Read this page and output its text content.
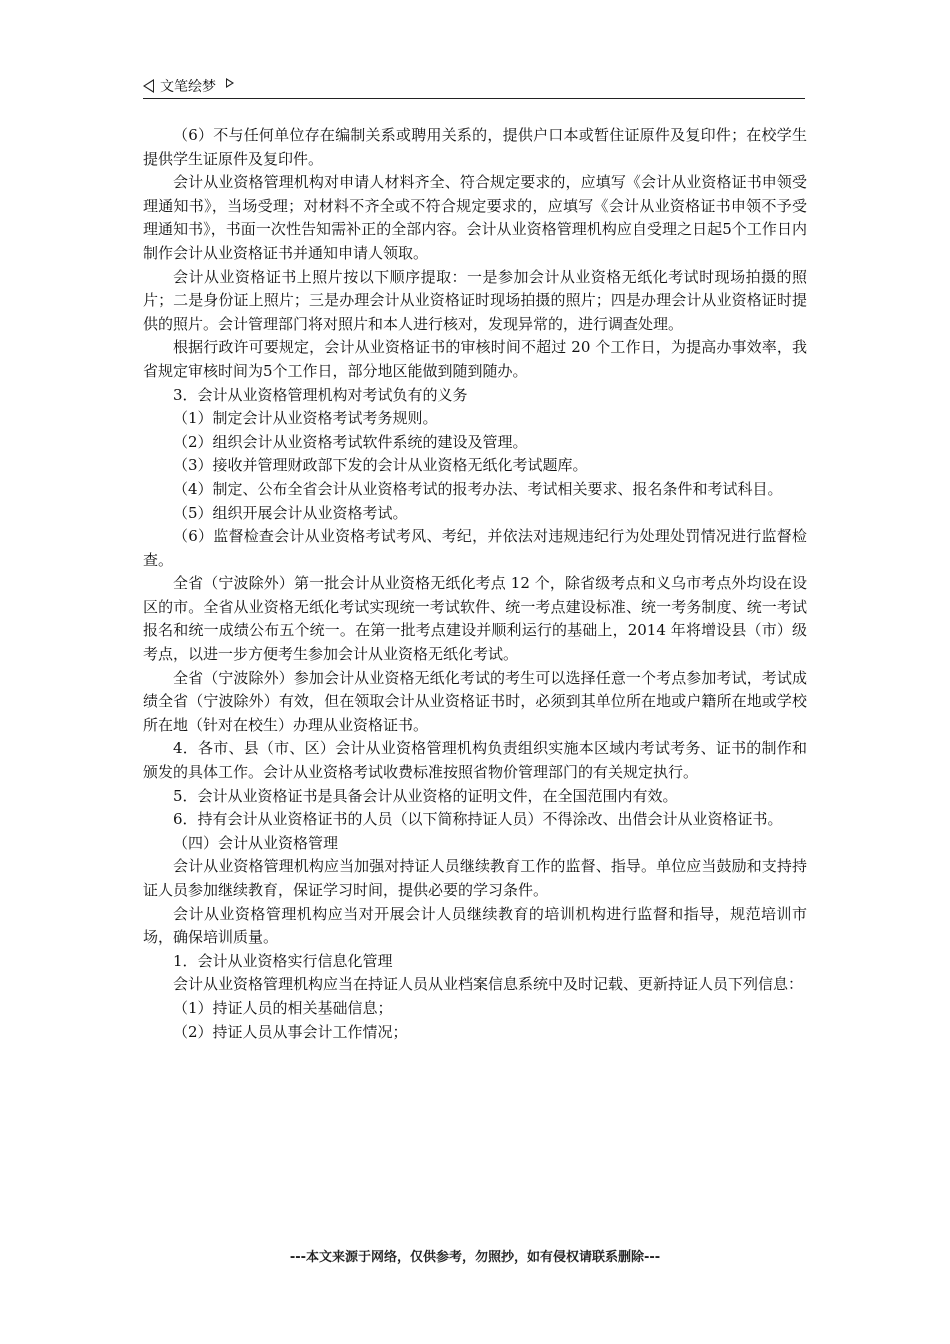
文笔绘梦

（6）不与任何单位存在编制关系或聘用关系的，提供户口本或暂住证原件及复印件；在校学生提供学生证原件及复印件。

会计从业资格管理机构对申请人材料齐全、符合规定要求的，应填写《会计从业资格证书申领受理通知书》，当场受理；对材料不齐全或不符合规定要求的，应填写《会计从业资格证书申领不予受理通知书》，书面一次性告知需补正的全部内容。会计从业资格管理机构应自受理之日起5个工作日内制作会计从业资格证书并通知申请人领取。

会计从业资格证书上照片按以下顺序提取：一是参加会计从业资格无纸化考试时现场拍摄的照片；二是身份证上照片；三是办理会计从业资格证时现场拍摄的照片；四是办理会计从业资格证时提供的照片。会计管理部门将对照片和本人进行核对，发现异常的，进行调查处理。

根据行政许可要规定，会计从业资格证书的审核时间不超过 20 个工作日，为提高办事效率，我省规定审核时间为5个工作日，部分地区能做到随到随办。

3．会计从业资格管理机构对考试负有的义务

（1）制定会计从业资格考试考务规则。

（2）组织会计从业资格考试软件系统的建设及管理。

（3）接收并管理财政部下发的会计从业资格无纸化考试题库。

（4）制定、公布全省会计从业资格考试的报考办法、考试相关要求、报名条件和考试科目。

（5）组织开展会计从业资格考试。

（6）监督检查会计从业资格考试考风、考纪，并依法对违规违纪行为处理处罚情况进行监督检查。

全省（宁波除外）第一批会计从业资格无纸化考点 12 个，除省级考点和义乌市考点外均设在设区的市。全省从业资格无纸化考试实现统一考试软件、统一考点建设标准、统一考务制度、统一考试报名和统一成绩公布五个统一。在第一批考点建设并顺利运行的基础上，2014 年将增设县（市）级考点，以进一步方便考生参加会计从业资格无纸化考试。

全省（宁波除外）参加会计从业资格无纸化考试的考生可以选择任意一个考点参加考试，考试成绩全省（宁波除外）有效，但在领取会计从业资格证书时，必须到其单位所在地或户籍所在地或学校所在地（针对在校生）办理从业资格证书。

4．各市、县（市、区）会计从业资格管理机构负责组织实施本区域内考试考务、证书的制作和颁发的具体工作。会计从业资格考试收费标准按照省物价管理部门的有关规定执行。

5．会计从业资格证书是具备会计从业资格的证明文件，在全国范围内有效。

6．持有会计从业资格证书的人员（以下简称持证人员）不得涂改、出借会计从业资格证书。

（四）会计从业资格管理

会计从业资格管理机构应当加强对持证人员继续教育工作的监督、指导。单位应当鼓励和支持持证人员参加继续教育，保证学习时间，提供必要的学习条件。

会计从业资格管理机构应当对开展会计人员继续教育的培训机构进行监督和指导，规范培训市场，确保培训质量。

1．会计从业资格实行信息化管理

会计从业资格管理机构应当在持证人员从业档案信息系统中及时记载、更新持证人员下列信息：

（1）持证人员的相关基础信息；

（2）持证人员从事会计工作情况；

---本文来源于网络，仅供参考，勿照抄，如有侵权请联系删除---
